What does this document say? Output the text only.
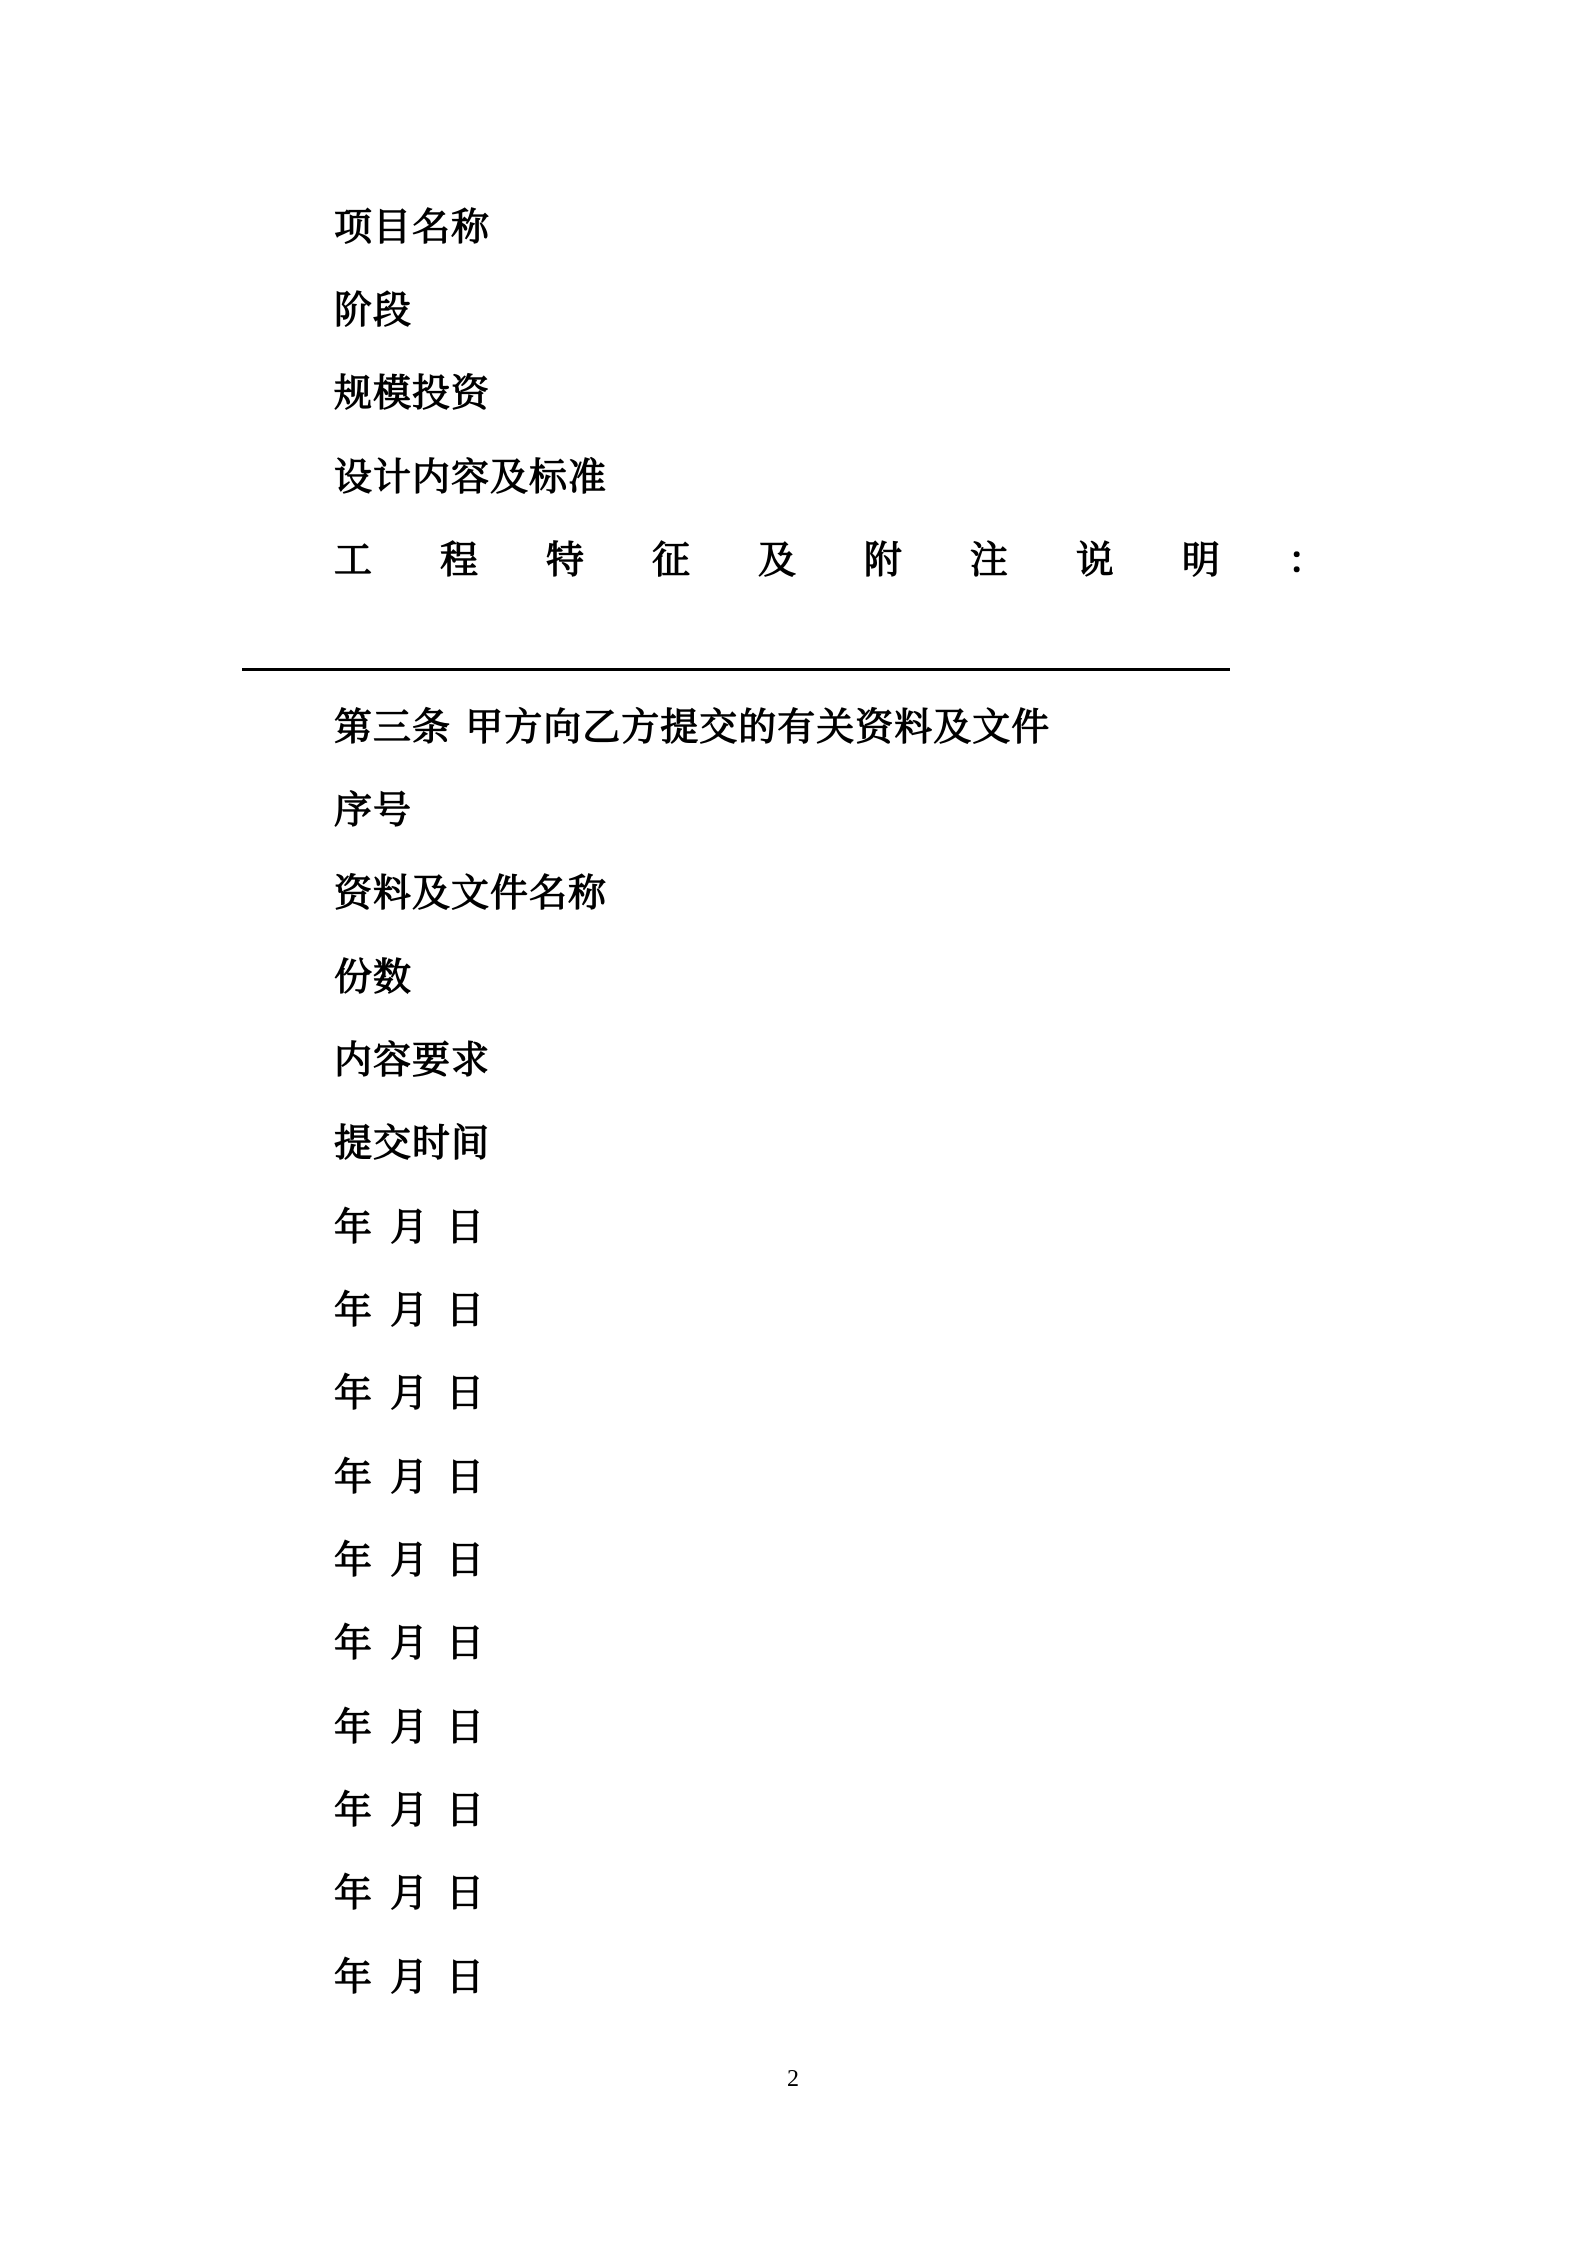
项目名称
阶段
规模投资
设计内容及标准
工 程 特 征 及 附 注 说 明 ：
第三条 甲方向乙方提交的有关资料及文件
序号
资料及文件名称
份数
内容要求
提交时间
年 月 日
年 月 日
年 月 日
年 月 日
年 月 日
年 月 日
年 月 日
年 月 日
年 月 日
年 月 日
2
